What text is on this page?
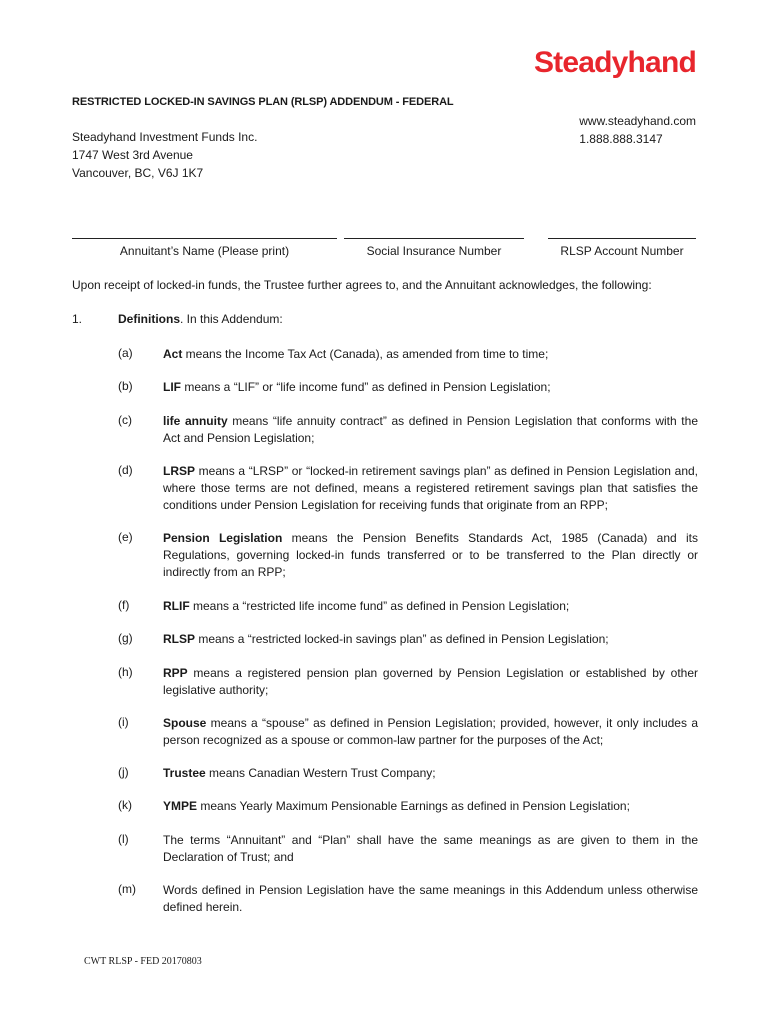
Steadyhand
RESTRICTED LOCKED-IN SAVINGS PLAN (RLSP) ADDENDUM - FEDERAL
www.steadyhand.com
1.888.888.3147
Steadyhand Investment Funds Inc.
1747 West 3rd Avenue
Vancouver, BC, V6J 1K7
Annuitant’s Name (Please print)	Social Insurance Number	RLSP Account Number
Upon receipt of locked-in funds, the Trustee further agrees to, and the Annuitant acknowledges, the following:
1.	Definitions. In this Addendum:
(a)	Act means the Income Tax Act (Canada), as amended from time to time;
(b)	LIF means a “LIF” or “life income fund” as defined in Pension Legislation;
(c)	life annuity means “life annuity contract” as defined in Pension Legislation that conforms with the Act and Pension Legislation;
(d)	LRSP means a “LRSP” or “locked-in retirement savings plan” as defined in Pension Legislation and, where those terms are not defined, means a registered retirement savings plan that satisfies the conditions under Pension Legislation for receiving funds that originate from an RPP;
(e)	Pension Legislation means the Pension Benefits Standards Act, 1985 (Canada) and its Regulations, governing locked-in funds transferred or to be transferred to the Plan directly or indirectly from an RPP;
(f)	RLIF means a “restricted life income fund” as defined in Pension Legislation;
(g)	RLSP means a “restricted locked-in savings plan” as defined in Pension Legislation;
(h)	RPP means a registered pension plan governed by Pension Legislation or established by other legislative authority;
(i)	Spouse means a “spouse” as defined in Pension Legislation; provided, however, it only includes a person recognized as a spouse or common-law partner for the purposes of the Act;
(j)	Trustee means Canadian Western Trust Company;
(k)	YMPE means Yearly Maximum Pensionable Earnings as defined in Pension Legislation;
(l)	The terms “Annuitant” and “Plan” shall have the same meanings as are given to them in the Declaration of Trust; and
(m) Words defined in Pension Legislation have the same meanings in this Addendum unless otherwise defined herein.
CWT RLSP - FED 20170803
